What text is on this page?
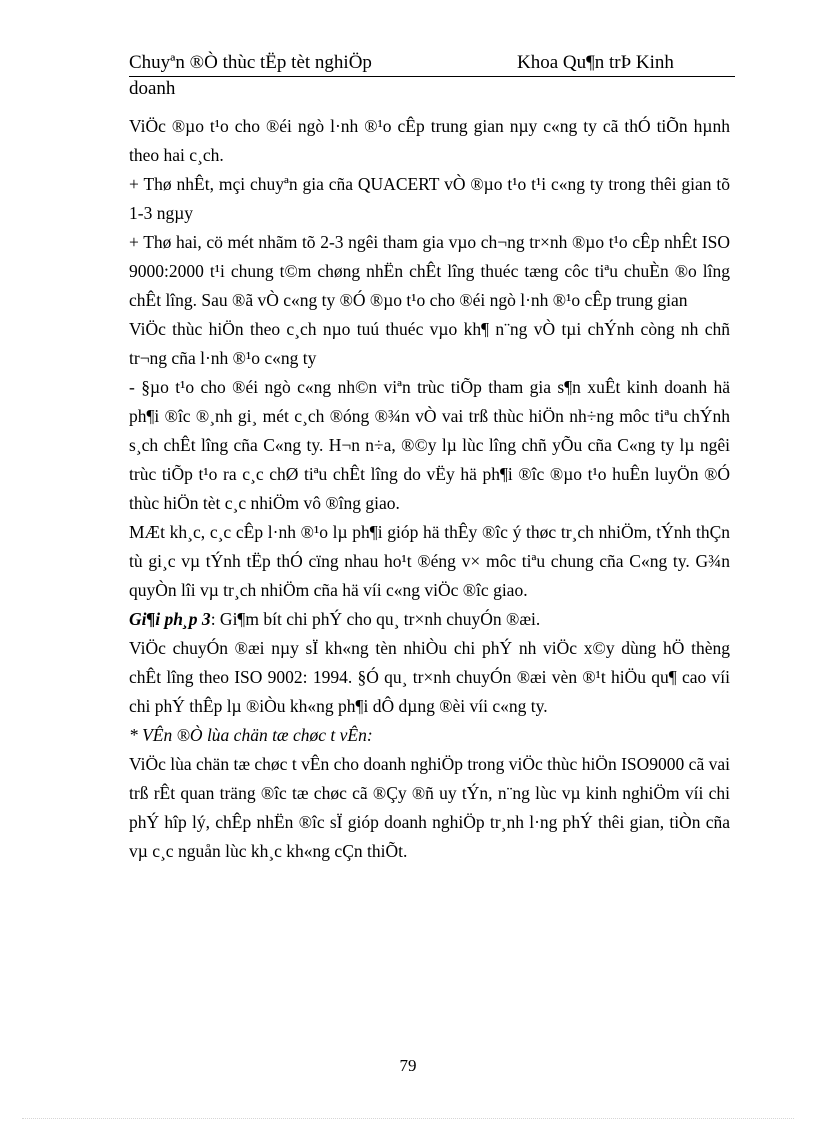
Chuyªn ®Ò thùc tËp tèt nghiÖp	Khoa Qu¶n trÞ Kinh
doanh

ViÖc ®µo t¹o cho ®éi ngò l·nh ®¹o cÊp trung gian nµy c«ng ty cã thÓ tiÕn hµnh theo hai c¸ch.

+ Thø nhÊt, mçi chuyªn gia cña QUACERT vÒ ®µo t¹o t¹i c«ng ty trong thêi gian tõ 1-3 ngµy

+ Thø hai, cö mét nhãm tõ 2-3 ngêi tham gia vµo ch¬ng tr×nh ®µo t¹o cÊp nhÊt ISO 9000:2000 t¹i chung t©m chøng nhËn chÊt lîng thuéc tæng côc tiªu chuÈn ®o lîng chÊt lîng. Sau ®ã vÒ c«ng ty ®Ó ®µo t¹o cho ®éi ngò l·nh ®¹o cÊp trung gian

ViÖc thùc hiÖn theo c¸ch nµo tuú thuéc vµo kh¶ n¨ng vÒ tµi chÝnh còng nh chñ tr¬ng cña l·nh ®¹o c«ng ty

- §µo t¹o cho ®éi ngò c«ng nh©n viªn trùc tiÕp tham gia s¶n xuÊt kinh doanh hä ph¶i ®îc ®¸nh gi¸ mét c¸ch ®óng ®¾n vÒ vai trß thùc hiÖn nh÷ng môc tiªu chÝnh s¸ch chÊt lîng cña C«ng ty. H¬n n÷a, ®©y lµ lùc lîng chñ yÕu cña C«ng ty lµ ngêi trùc tiÕp t¹o ra c¸c chØ tiªu chÊt lîng do vËy hä ph¶i ®îc ®µo t¹o huÊn luyÖn ®Ó thùc hiÖn tèt c¸c nhiÖm vô ®îng giao.

MÆt kh¸c, c¸c cÊp l·nh ®¹o lµ ph¶i gióp hä thÊy ®îc ý thøc tr¸ch nhiÖm, tÝnh thÇn tù gi¸c vµ tÝnh tËp thÓ cïng nhau ho¹t ®éng v× môc tiªu chung cña C«ng ty. G¾n quyÒn lîi vµ tr¸ch nhiÖm cña hä víi c«ng viÖc ®îc giao.

Gi¶i ph¸p 3: Gi¶m bít chi phÝ cho qu¸ tr×nh chuyÓn ®æi.

ViÖc chuyÓn ®æi nµy sÏ kh«ng tèn nhiÒu chi phÝ nh viÖc x©y dùng hÖ thèng chÊt lîng theo ISO 9002: 1994. §Ó qu¸ tr×nh chuyÓn ®æi vèn ®¹t hiÖu qu¶ cao víi chi phÝ thÊp lµ ®iÒu kh«ng ph¶i dÔ dµng ®èi víi c«ng ty.

* VÊn ®Ò lùa chän tæ chøc t vÊn:

ViÖc lùa chän tæ chøc t vÊn cho doanh nghiÖp trong viÖc thùc hiÖn ISO9000 cã vai trß rÊt quan träng ®îc tæ chøc cã ®Çy ®ñ uy tÝn, n¨ng lùc vµ kinh nghiÖm víi chi phÝ hîp lý, chÊp nhËn ®îc sÏ gióp doanh nghiÖp tr¸nh l·ng phÝ thêi gian, tiÒn cña vµ c¸c nguån lùc kh¸c kh«ng cÇn thiÕt.

79
